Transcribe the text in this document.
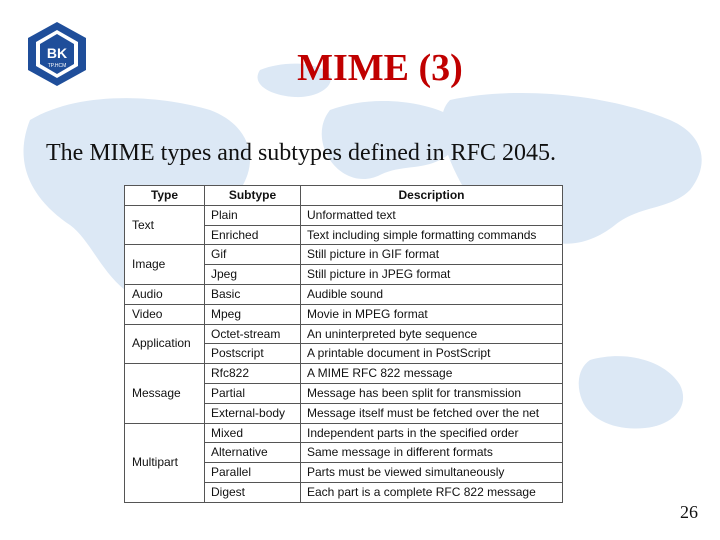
BK
TP.HCM	MIME (3)

The MIME types and subtypes defined in RFC 2045.

Type	Subtype	Description
Text	Plain	Unformatted text
	Enriched	Text including simple formatting commands
Image	Gif	Still picture in GIF format
	Jpeg	Still picture in JPEG format
Audio	Basic	Audible sound
Video	Mpeg	Movie in MPEG format
Application	Octet-stream	An uninterpreted byte sequence
	Postscript	A printable document in PostScript
Message	Rfc822	A MIME RFC 822 message
	Partial	Message has been split for transmission
	External-body	Message itself must be fetched over the net
Multipart	Mixed	Independent parts in the specified order
	Alternative	Same message in different formats
	Parallel	Parts must be viewed simultaneously
	Digest	Each part is a complete RFC 822 message
26
